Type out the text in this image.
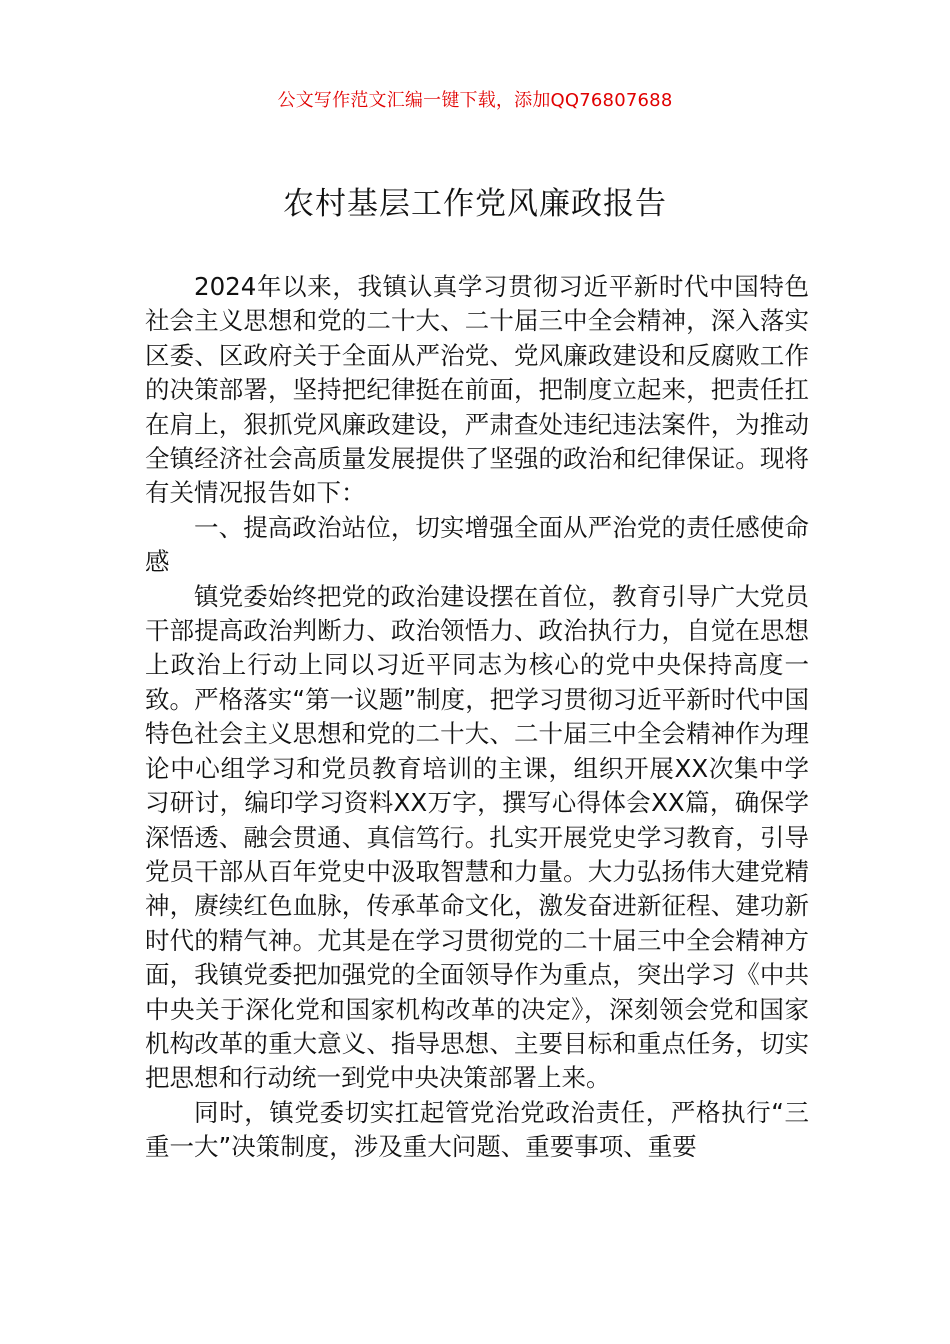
公文写作范文汇编一键下载，添加QQ76807688
农村基层工作党风廉政报告

2024年以来，我镇认真学习贯彻习近平新时代中国特色社会主义思想和党的二十大、二十届三中全会精神，深入落实区委、区政府关于全面从严治党、党风廉政建设和反腐败工作的决策部署，坚持把纪律挺在前面，把制度立起来，把责任扛在肩上，狠抓党风廉政建设，严肃查处违纪违法案件，为推动全镇经济社会高质量发展提供了坚强的政治和纪律保证。现将有关情况报告如下：

一、提高政治站位，切实增强全面从严治党的责任感使命感

镇党委始终把党的政治建设摆在首位，教育引导广大党员干部提高政治判断力、政治领悟力、政治执行力，自觉在思想上政治上行动上同以习近平同志为核心的党中央保持高度一致。严格落实“第一议题”制度，把学习贯彻习近平新时代中国特色社会主义思想和党的二十大、二十届三中全会精神作为理论中心组学习和党员教育培训的主课，组织开展XX次集中学习研讨，编印学习资料XX万字，撰写心得体会XX篇，确保学深悟透、融会贯通、真信笃行。扎实开展党史学习教育，引导党员干部从百年党史中汲取智慧和力量。大力弘扬伟大建党精神，赓续红色血脉，传承革命文化，激发奋进新征程、建功新时代的精气神。尤其是在学习贯彻党的二十届三中全会精神方面，我镇党委把加强党的全面领导作为重点，突出学习《中共中央关于深化党和国家机构改革的决定》，深刻领会党和国家机构改革的重大意义、指导思想、主要目标和重点任务，切实把思想和行动统一到党中央决策部署上来。

同时，镇党委切实扛起管党治党政治责任，严格执行“三重一大”决策制度，涉及重大问题、重要事项、重要
